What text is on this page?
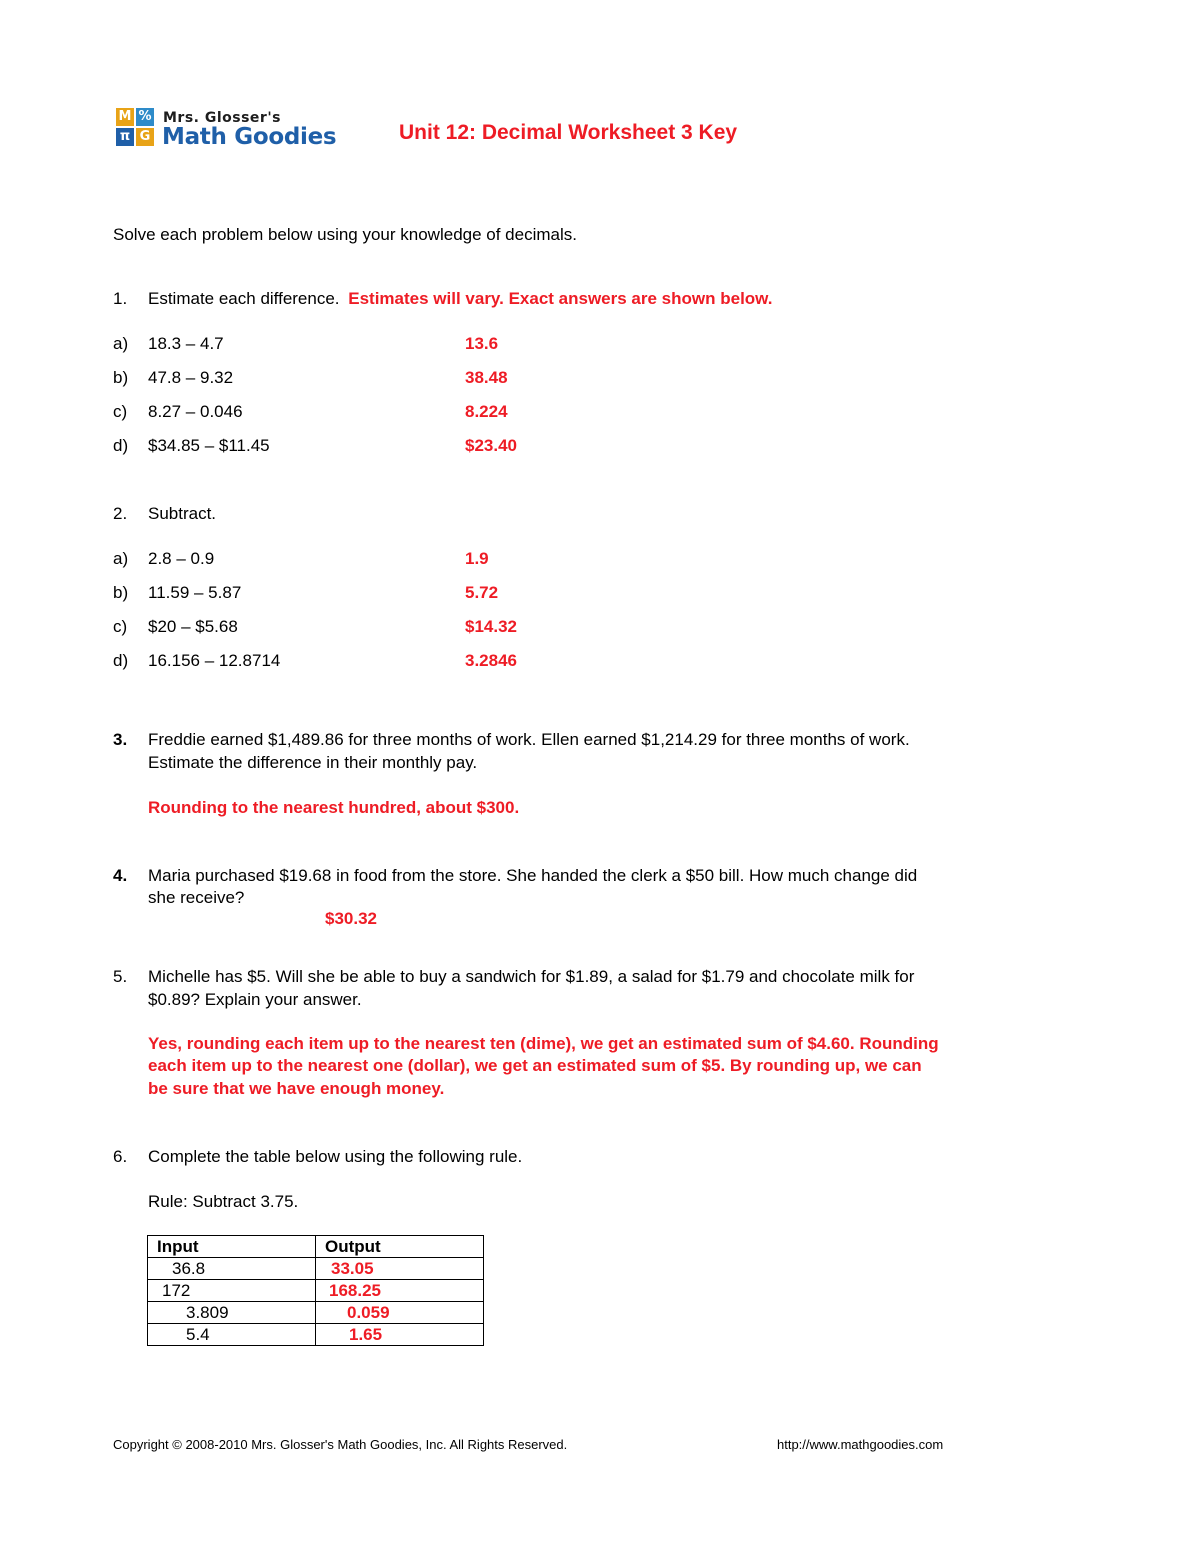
M %
π G
Mrs. Glosser's
Math Goodies	Unit 12: Decimal Worksheet 3 Key
Solve each problem below using your knowledge of decimals.
1. Estimate each difference. Estimates will vary. Exact answers are shown below.
a) 18.3 – 4.7	13.6
b) 47.8 – 9.32	38.48
c) 8.27 – 0.046	8.224
d) $34.85 – $11.45	$23.40
2. Subtract.
a) 2.8 – 0.9	1.9
b) 11.59 – 5.87	5.72
c) $20 – $5.68	$14.32
d) 16.156 – 12.8714	3.2846
3. Freddie earned $1,489.86 for three months of work. Ellen earned $1,214.29 for three months of work.
Estimate the difference in their monthly pay.
Rounding to the nearest hundred, about $300.
4. Maria purchased $19.68 in food from the store. She handed the clerk a $50 bill. How much change did
she receive?
$30.32
5. Michelle has $5. Will she be able to buy a sandwich for $1.89, a salad for $1.79 and chocolate milk for
$0.89? Explain your answer.
Yes, rounding each item up to the nearest ten (dime), we get an estimated sum of $4.60. Rounding
each item up to the nearest one (dollar), we get an estimated sum of $5. By rounding up, we can
be sure that we have enough money.
6. Complete the table below using the following rule.
Rule: Subtract 3.75.
Input	Output
36.8	33.05
172	168.25
3.809	0.059
5.4	1.65
Copyright © 2008-2010 Mrs. Glosser's Math Goodies, Inc. All Rights Reserved.	http://www.mathgoodies.com
